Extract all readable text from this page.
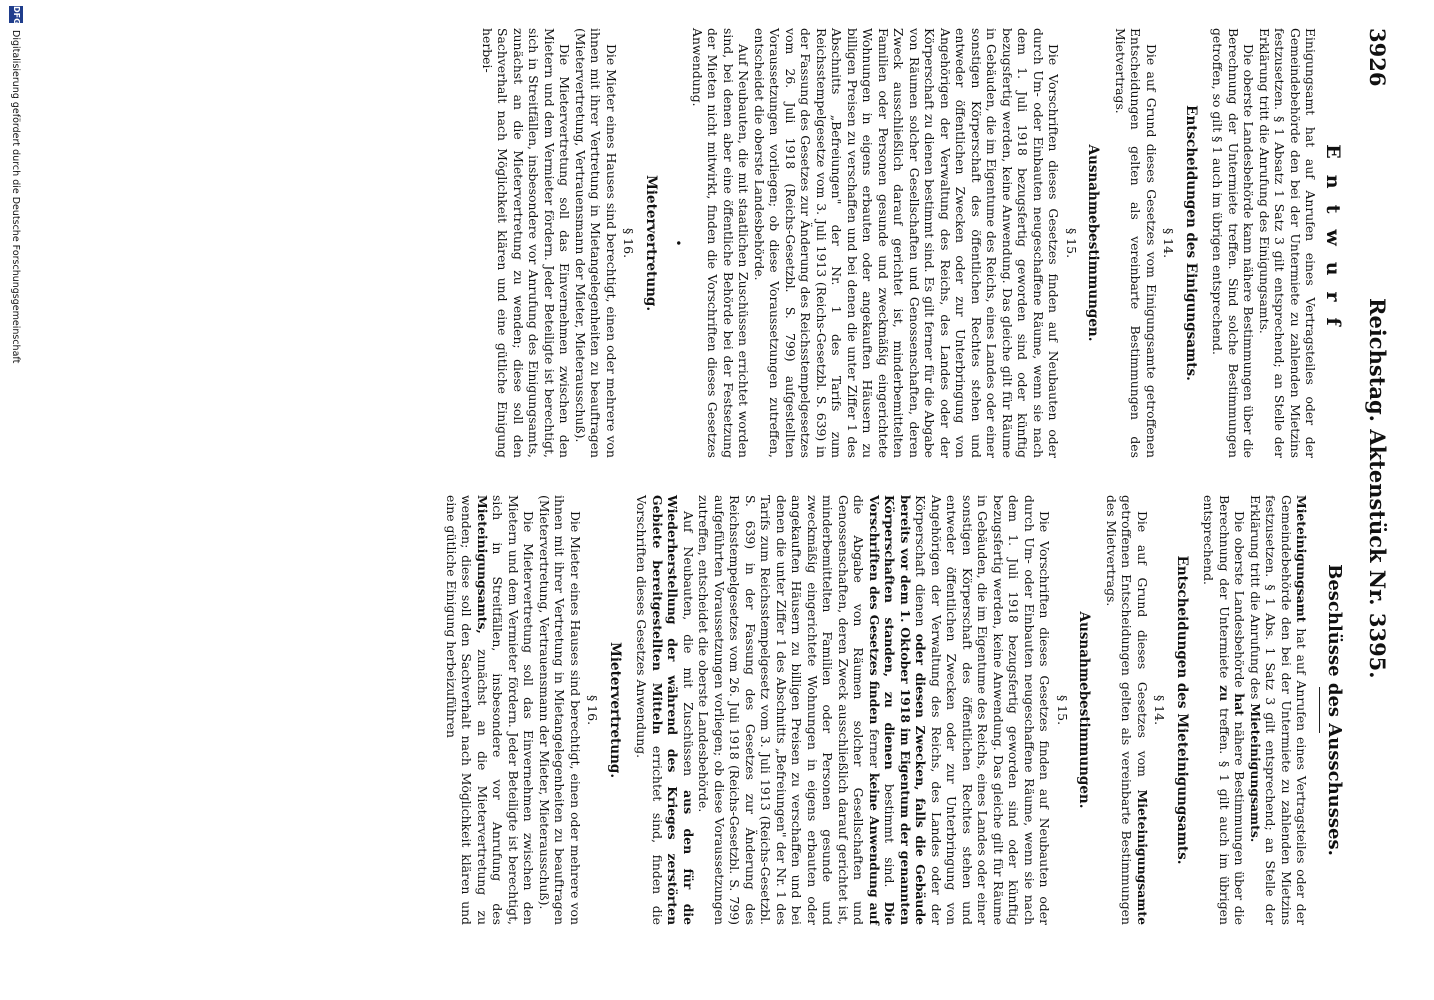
3926
Reichstag. Aktenstück Nr. 3395.
Entwurf

Einigungsamt hat auf Anrufen eines Vertragsteiles oder der Gemeindebehörde den bei der Untermiete zu zahlenden Mietzins festzusetzen. § 1 Absatz 1 Satz 3 gilt entsprechend; an Stelle der Erklärung tritt die Anrufung des Einigungsamts.

Die oberste Landesbehörde kann nähere Bestimmungen über die Berechnung der Untermiete treffen. Sind solche Bestimmungen getroffen, so gilt § 1 auch im übrigen entsprechend.

Entscheidungen des Einigungsamts.
§ 14.

Die auf Grund dieses Gesetzes vom Einigungsamte getroffenen Entscheidungen gelten als vereinbarte Bestimmungen des Mietvertrags.

Ausnahmebestimmungen.
§ 15.

Die Vorschriften dieses Gesetzes finden auf Neubauten oder durch Um- oder Einbauten neugeschaffene Räume, wenn sie nach dem 1. Juli 1918 bezugsfertig geworden sind oder künftig bezugsfertig werden, keine Anwendung. Das gleiche gilt für Räume in Gebäuden, die im Eigentume des Reichs, eines Landes oder einer sonstigen Körperschaft des öffentlichen Rechtes stehen und entweder öffentlichen Zwecken oder zur Unterbringung von Angehörigen der Verwaltung des Reichs, des Landes oder der Körperschaft zu dienen bestimmt sind. Es gilt ferner für die Abgabe von Räumen solcher Gesellschaften und Genossenschaften, deren Zweck ausschließlich darauf gerichtet ist, minderbemittelten Familien oder Personen gesunde und zweckmäßig eingerichtete Wohnungen in eigens erbauten oder angekauften Häusern zu billigen Preisen zu verschaffen und bei denen die unter Ziffer 1 des Abschnitts „Befreiungen" der Nr. 1 des Tarifs zum Reichsstempelgesetze vom 3. Juli 1913 (Reichs-Gesetzbl. S. 639) in der Fassung des Gesetzes zur Änderung des Reichsstempelgesetzes vom 26. Juli 1918 (Reichs-Gesetzbl. S. 799) aufgestellten Voraussetzungen vorliegen; ob diese Voraussetzungen zutreffen, entscheidet die oberste Landesbehörde.

Auf Neubauten, die mit staatlichen Zuschüssen errichtet worden sind, bei denen aber eine öffentliche Behörde bei der Festsetzung der Mieten nicht mitwirkt, finden die Vorschriften dieses Gesetzes Anwendung.

•
Mietervertretung.
§ 16.

Die Mieter eines Hauses sind berechtigt, einen oder mehrere von ihnen mit ihrer Vertretung in Mietangelegenheiten zu beauftragen (Mietervertretung, Vertrauensmann der Mieter, Mieterausschuß).

Die Mietervertretung soll das Einvernehmen zwischen den Mietern und dem Vermieter fördern. Jeder Beteiligte ist berechtigt, sich in Streitfällen, insbesondere vor Anrufung des Einigungsamts, zunächst an die Mietervertretung zu wenden; diese soll den Sachverhalt nach Möglichkeit klären und eine gütliche Einigung herbei-

Beschlüsse des Ausschusses.

Mieteinigungsamt hat auf Anrufen eines Vertragsteiles oder der Gemeindebehörde den bei der Untermiete zu zahlenden Mietzins festzusetzen. § 1 Abs. 1 Satz 3 gilt entsprechend; an Stelle der Erklärung tritt die Anrufung des Mieteinigungsamts.

Die oberste Landesbehörde hat nähere Bestimmungen über die Berechnung der Untermiete zu treffen. § 1 gilt auch im übrigen entsprechend.

Entscheidungen des Mieteinigungsamts.
§ 14.

Die auf Grund dieses Gesetzes vom Mieteinigungsamte getroffenen Entscheidungen gelten als vereinbarte Bestimmungen des Mietvertrags.

Ausnahmebestimmungen.
§ 15.

Die Vorschriften dieses Gesetzes finden auf Neubauten oder durch Um- oder Einbauten neugeschaffene Räume, wenn sie nach dem 1. Juli 1918 bezugsfertig geworden sind oder künftig bezugsfertig werden, keine Anwendung. Das gleiche gilt für Räume in Gebäuden, die im Eigentume des Reichs, eines Landes oder einer sonstigen Körperschaft des öffentlichen Rechtes stehen und entweder öffentlichen Zwecken oder zur Unterbringung von Angehörigen der Verwaltung des Reichs, des Landes oder der Körperschaft dienen oder diesen Zwecken, falls die Gebäude bereits vor dem 1. Oktober 1918 im Eigentum der genannten Körperschaften standen, zu dienen bestimmt sind. Die Vorschriften des Gesetzes finden ferner keine Anwendung auf die Abgabe von Räumen solcher Gesellschaften und Genossenschaften, deren Zweck ausschließlich darauf gerichtet ist, minderbemittelten Familien oder Personen gesunde und zweckmäßig eingerichtete Wohnungen in eigens erbauten oder angekauften Häusern zu billigen Preisen zu verschaffen und bei denen die unter Ziffer 1 des Abschnitts „Befreiungen" der Nr. 1 des Tarifs zum Reichsstempelgesetz vom 3. Juli 1913 (Reichs-Gesetzbl. S. 639) in der Fassung des Gesetzes zur Änderung des Reichsstempelgesetzes vom 26. Juli 1918 (Reichs-Gesetzbl. S. 799) aufgeführten Voraussetzungen vorliegen; ob diese Voraussetzungen zutreffen, entscheidet die oberste Landesbehörde.

Auf Neubauten, die mit Zuschüssen aus den für die Wiederherstellung der während des Krieges zerstörten Gebiete bereitgestellten Mitteln errichtet sind, finden die Vorschriften dieses Gesetzes Anwendung.

Mietervertretung.
§ 16.

Die Mieter eines Hauses sind berechtigt, einen oder mehrere von ihnen mit ihrer Vertretung in Mietangelegenheiten zu beauftragen (Mietervertretung, Vertrauensmann der Mieter, Mieterausschuß).

Die Mietervertretung soll das Einvernehmen zwischen den Mietern und dem Vermieter fördern. Jeder Beteiligte ist berechtigt, sich in Streitfällen, insbesondere vor Anrufung des Mieteinigungsamts, zunächst an die Mietervertretung zu wenden; diese soll den Sachverhalt nach Möglichkeit klären und eine gütliche Einigung herbeizuführen

DFG
Digitalisierung gefördert durch die Deutsche Forschungsgemeinschaft
